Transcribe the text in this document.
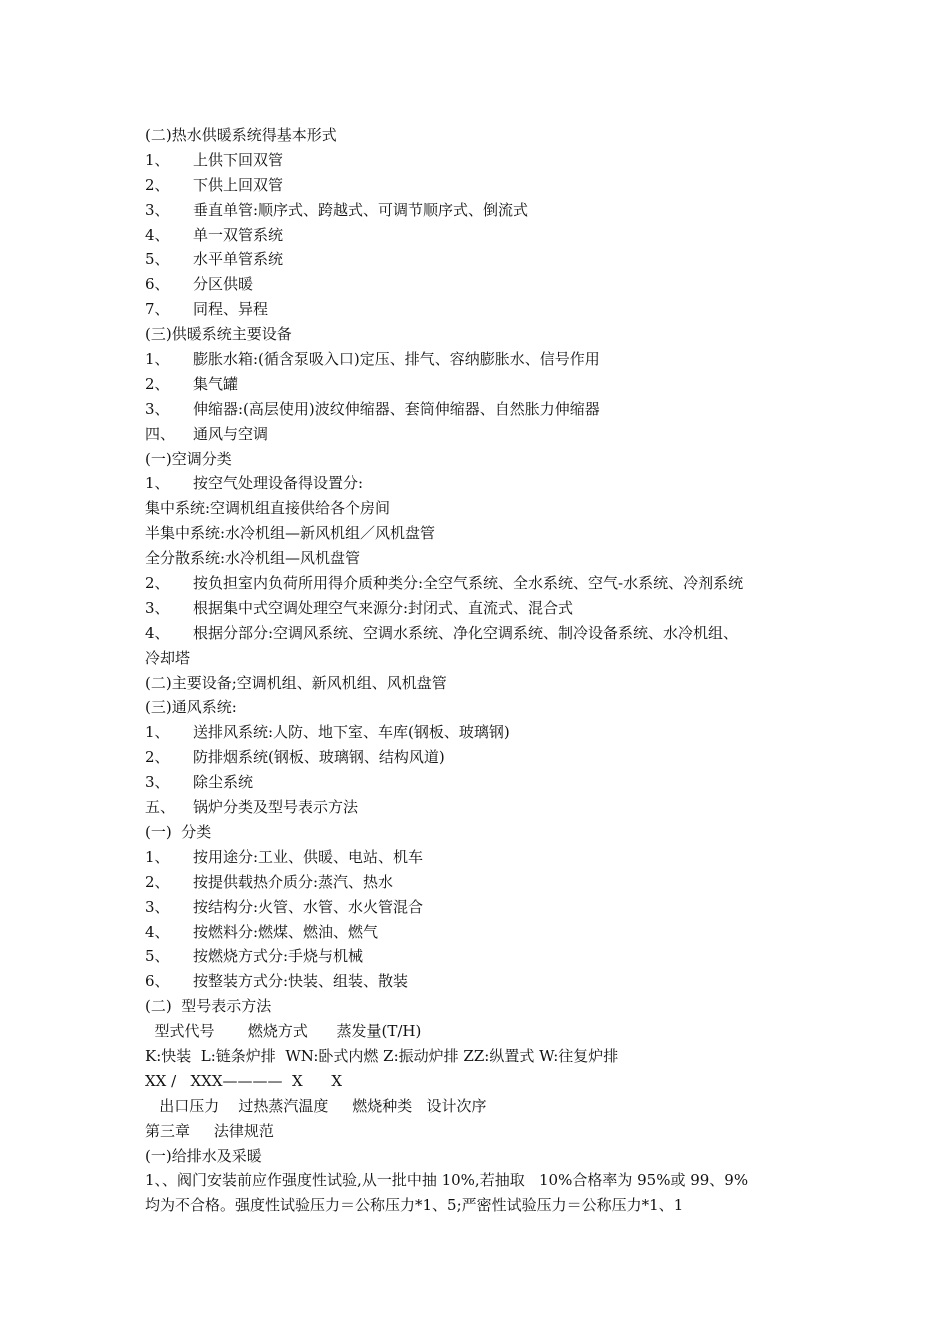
(二)热水供暖系统得基本形式
1、 上供下回双管
2、 下供上回双管
3、 垂直单管:顺序式、跨越式、可调节顺序式、倒流式
4、 单一双管系统
5、 水平单管系统
6、 分区供暖
7、 同程、异程
(三)供暖系统主要设备
1、 膨胀水箱:(循含泵吸入口)定压、排气、容纳膨胀水、信号作用
2、 集气罐
3、 伸缩器:(高层使用)波纹伸缩器、套筒伸缩器、自然胀力伸缩器
四、 通风与空调
(一)空调分类
1、 按空气处理设备得设置分:
集中系统:空调机组直接供给各个房间
半集中系统:水冷机组—新风机组／风机盘管
全分散系统:水冷机组—风机盘管
2、 按负担室内负荷所用得介质种类分:全空气系统、全水系统、空气-水系统、冷剂系统
3、 根据集中式空调处理空气来源分:封闭式、直流式、混合式
4、 根据分部分:空调风系统、空调水系统、净化空调系统、制冷设备系统、水冷机组、
冷却塔
(二)主要设备;空调机组、新风机组、风机盘管
(三)通风系统:
1、 送排风系统:人防、地下室、车库(钢板、玻璃钢)
2、 防排烟系统(钢板、玻璃钢、结构风道)
3、 除尘系统
五、 锅炉分类及型号表示方法
(一)  分类
1、 按用途分:工业、供暖、电站、机车
2、 按提供载热介质分:蒸汽、热水
3、 按结构分:火管、水管、水火管混合
4、 按燃料分:燃煤、燃油、燃气
5、 按燃烧方式分:手烧与机械
6、 按整装方式分:快装、组装、散装
(二)  型号表示方法
型式代号       燃烧方式      蒸发量(T/H)
K:快装  L:链条炉排  WN:卧式内燃 Z:振动炉排 ZZ:纵置式 W:往复炉排
XX /   XXX————  X      X
出口压力    过热蒸汽温度     燃烧种类   设计次序
第三章     法律规范
(一)给排水及采暖
1、、阀门安装前应作强度性试验,从一批中抽 10%,若抽取   10%合格率为 95%或 99、9%
均为不合格。强度性试验压力＝公称压力*1、5;严密性试验压力＝公称压力*1、1
